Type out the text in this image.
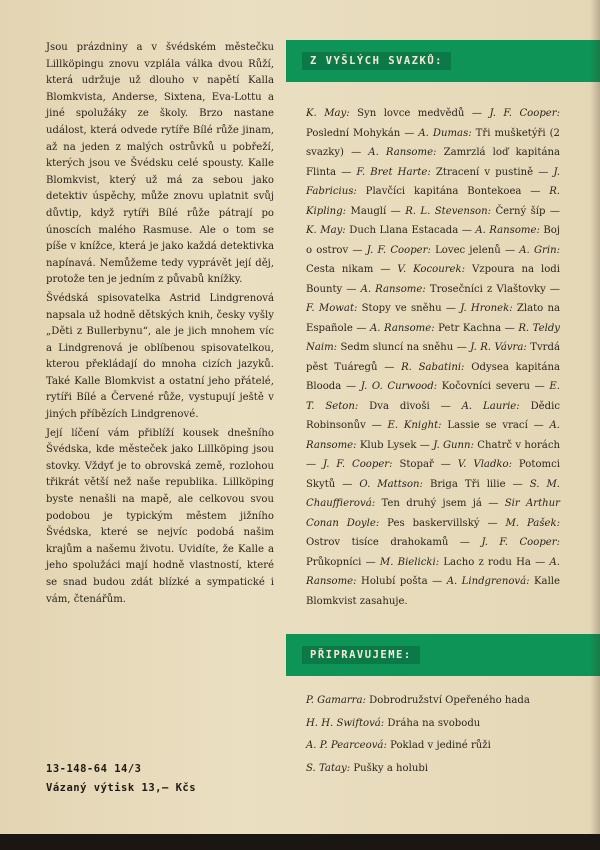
Jsou prázdniny a v švédském městečku Lillköpingu znovu vzplála válka dvou Růží, která udržuje už dlouho v napětí Kalla Blomkvista, Anderse, Sixtena, Eva-Lottu a jiné spolužáky ze školy. Brzo nastane událost, která odvede rytíře Bílé růže jinam, až na jeden z malých ostrůvků u pobřeží, kterých jsou ve Švédsku celé spousty. Kalle Blomkvist, který už má za sebou jako detektiv úspěchy, může znovu uplatnit svůj důvtip, když rytíři Bílé růže pátrají po únoscích malého Rasmuse. Ale o tom se píše v knížce, která je jako každá detektivka napínavá. Nemůžeme tedy vyprávět její děj, protože ten je jedním z půvabů knížky.

Švédská spisovatelka Astrid Lindgrenová napsala už hodně dětských knih, česky vyšly „Děti z Bullerbynu“, ale je jich mnohem víc a Lindgrenová je oblíbenou spisovatelkou, kterou překládají do mnoha cizích jazyků. Také Kalle Blomkvist a ostatní jeho přátelé, rytíři Bílé a Červené růže, vystupují ještě v jiných příbězích Lindgrenové.

Její líčení vám přiblíží kousek dnešního Švédska, kde městeček jako Lillköping jsou stovky. Vždyť je to obrovská země, rozlohou třikrát větší než naše republika. Lillköping byste nenašli na mapě, ale celkovou svou podobou je typickým městem jižního Švédska, které se nejvíc podobá našim krajům a našemu životu. Uvidíte, že Kalle a jeho spolužáci mají hodně vlastností, které se snad budou zdát blízké a sympatické i vám, čtenářům.

13-148-64 14/3
Vázaný výtisk 13,— Kčs
Z VYŠLÝCH SVAZKŮ:
K. May: Syn lovce medvědů — J. F. Cooper: Poslední Mohykán — A. Dumas: Tři mušketýři (2 svazky) — A. Ransome: Zamrzlá loď kapitána Flinta — F. Bret Harte: Ztracení v pustině — J. Fabricius: Plavčíci kapitána Bontekoea — R. Kipling: Mauglí — R. L. Stevenson: Černý šíp — K. May: Duch Llana Estacada — A. Ransome: Boj o ostrov — J. F. Cooper: Lovec jelenů — A. Grin: Cesta nikam — V. Kocourek: Vzpoura na lodi Bounty — A. Ransome: Trosečníci z Vlaštovky — F. Mowat: Stopy ve sněhu — J. Hronek: Zlato na Españole — A. Ransome: Petr Kachna — R. Teldy Naim: Sedm sluncí na sněhu — J. R. Vávra: Tvrdá pěst Tuáregů — R. Sabatini: Odysea kapitána Blooda — J. O. Curwood: Kočovníci severu — E. T. Seton: Dva divoši — A. Laurie: Dědic Robinsonův — E. Knight: Lassie se vrací — A. Ransome: Klub Lysek — J. Gunn: Chatrč v horách — J. F. Cooper: Stopař — V. Vladko: Potomci Skytů — O. Mattson: Briga Tři lilie — S. M. Chauffierová: Ten druhý jsem já — Sir Arthur Conan Doyle: Pes baskervillský — M. Pašek: Ostrov tisíce drahokamů — J. F. Cooper: Průkopníci — M. Bielicki: Lacho z rodu Ha — A. Ransome: Holubí pošta — A. Lindgrenová: Kalle Blomkvist zasahuje.
PŘIPRAVUJEME:
P. Gamarra: Dobrodružství Opeřeného hada
H. H. Swiftová: Dráha na svobodu
A. P. Pearceová: Poklad v jediné růži
S. Tatay: Pušky a holubi
